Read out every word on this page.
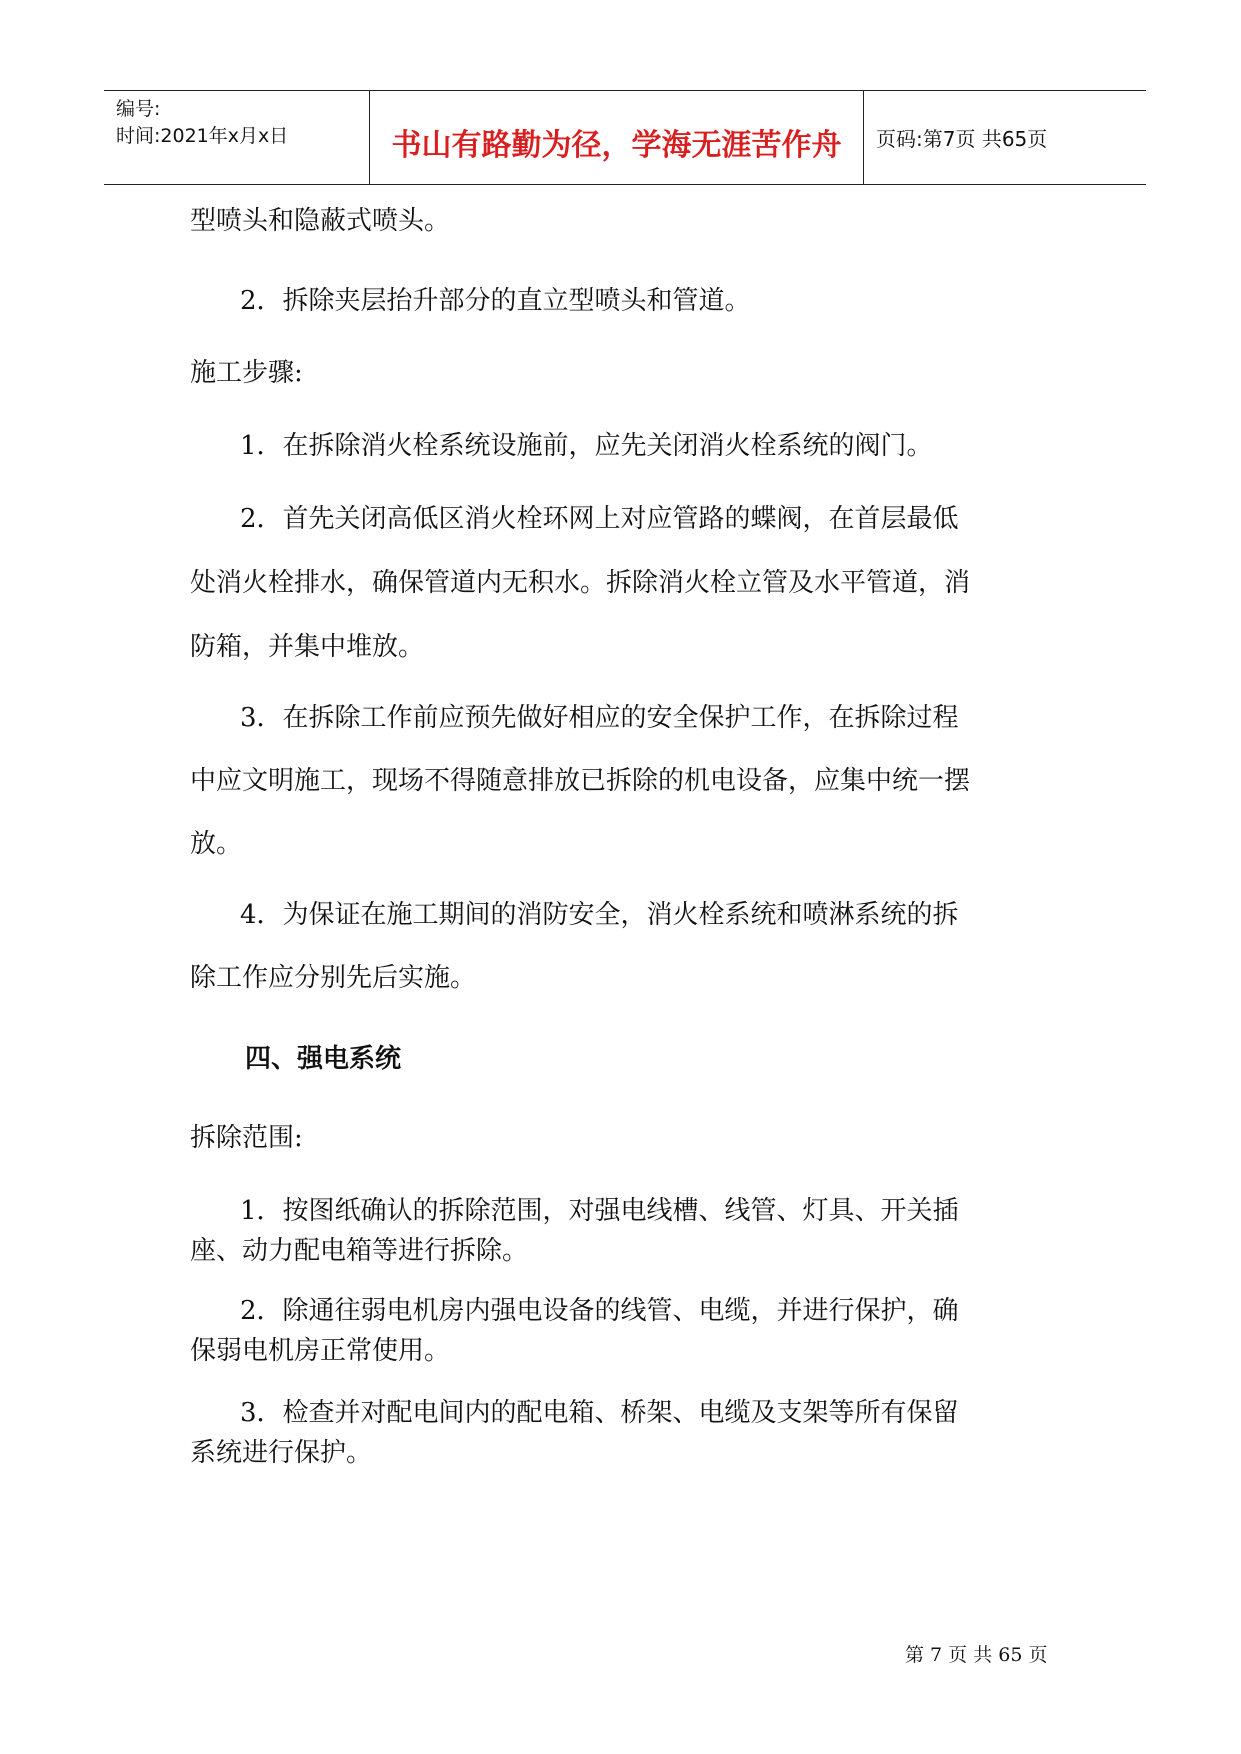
编号:
时间:2021年x月x日	书山有路勤为径，学海无涯苦作舟	页码:第7页 共65页

型喷头和隐蔽式喷头。

2．拆除夹层抬升部分的直立型喷头和管道。

施工步骤:

1．在拆除消火栓系统设施前，应先关闭消火栓系统的阀门。

2．首先关闭高低区消火栓环网上对应管路的蝶阀，在首层最低

处消火栓排水，确保管道内无积水。拆除消火栓立管及水平管道，消

防箱，并集中堆放。

3．在拆除工作前应预先做好相应的安全保护工作，在拆除过程

中应文明施工，现场不得随意排放已拆除的机电设备，应集中统一摆

放。

4．为保证在施工期间的消防安全，消火栓系统和喷淋系统的拆

除工作应分别先后实施。

四、强电系统

拆除范围:

1．按图纸确认的拆除范围，对强电线槽、线管、灯具、开关插

座、动力配电箱等进行拆除。

2．除通往弱电机房内强电设备的线管、电缆，并进行保护，确

保弱电机房正常使用。

3．检查并对配电间内的配电箱、桥架、电缆及支架等所有保留

系统进行保护。

第 7 页 共 65 页
